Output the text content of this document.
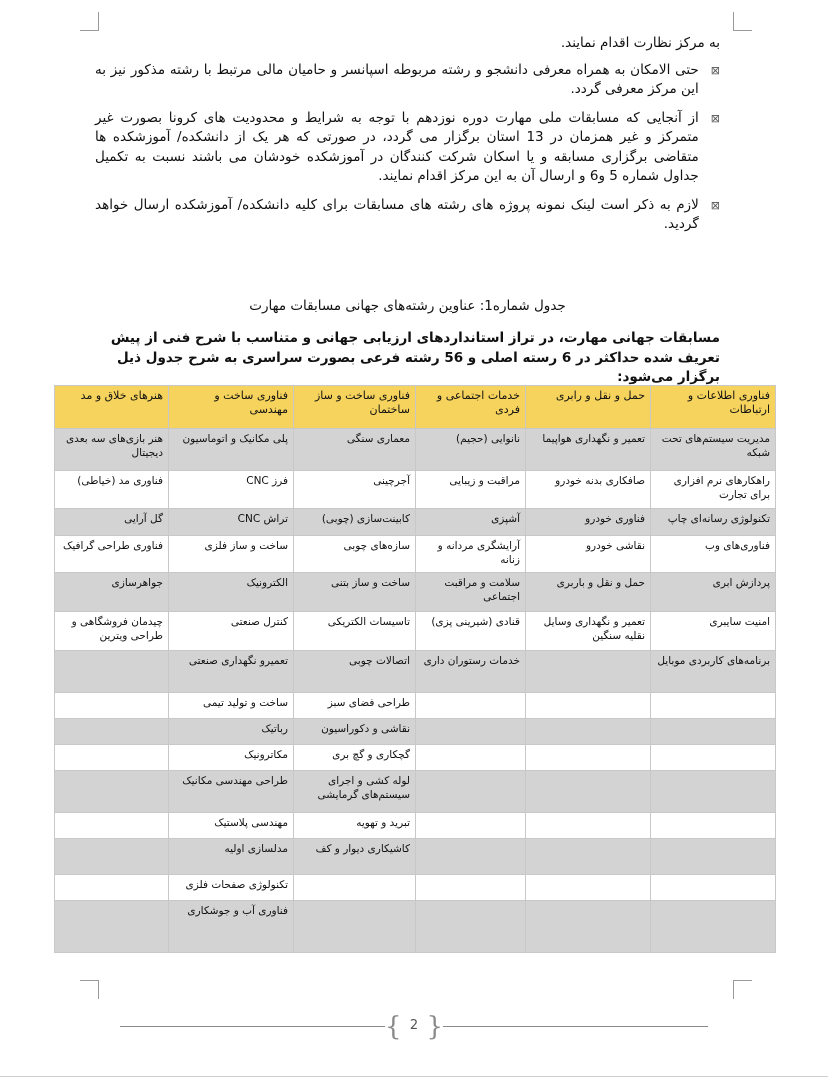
به مرکز نظارت اقدام نمایند.
⊠
حتی الامکان به همراه معرفی دانشجو و رشته مربوطه اسپانسر و حامیان مالی مرتبط با رشته مذکور نیز به این مرکز معرفی گردد.
⊠
از آنجایی که مسابقات ملی مهارت دوره نوزدهم با توجه به شرایط و محدودیت های کرونا بصورت غیر متمرکز و غیر همزمان در 13 استان برگزار می گردد، در صورتی که هر یک از دانشکده/ آموزشکده ها متقاضی برگزاری مسابقه و یا اسکان شرکت کنندگان در آموزشکده خودشان می باشند نسبت به تکمیل جداول شماره 5 و6 و ارسال آن به این مرکز اقدام نمایند.
⊠
لازم به ذکر است لینک نمونه پروژه های رشته های مسابقات برای کلیه دانشکده/ آموزشکده ارسال خواهد گردید.
جدول شماره1: عناوین رشته‌های جهانی مسابقات مهارت
مسابقات جهانی مهارت، در تراز استانداردهای ارزیابی جهانی و متناسب با شرح فنی از پیش تعریف شده حداکثر در 6 رسته اصلی و 56 رشته فرعی بصورت سراسری به شرح جدول ذیل برگزار می‌شود:
فناوری اطلاعات و ارتباطات	حمل و نقل و رابری	خدمات اجتماعی و فردی	فناوری ساخت و ساز ساختمان	فناوری ساخت و مهندسی	هنرهای خلاق و مد
مدیریت سیستم‌های تحت شبکه	تعمیر و نگهداری هواپیما	نانوایی (حجیم)	معماری سنگی	پلی مکانیک و اتوماسیون	هنر بازی‌های سه بعدی دیجیتال
راهکارهای نرم افزاری برای تجارت	صافکاری بدنه خودرو	مراقبت و زیبایی	آجرچینی	فرز CNC	فناوری مد (خیاطی)
تکنولوژی رسانه‌ای چاپ	فناوری خودرو	آشپزی	کابینت‌سازی (چوبی)	تراش CNC	گل آرایی
فناوری‌های وب	نقاشی خودرو	آرایشگری مردانه و زنانه	سازه‌های چوبی	ساخت و ساز فلزی	فناوری طراحی گرافیک
پردازش ابری	حمل و نقل و باربری	سلامت و مراقبت اجتماعی	ساخت و ساز بتنی	الکترونیک	جواهرسازی
امنیت سایبری	تعمیر و نگهداری وسایل نقلیه سنگین	قنادی (شیرینی پزی)	تاسیسات الکتریکی	کنترل صنعتی	چیدمان فروشگاهی و طراحی ویترین
برنامه‌های کاربردی موبایل		خدمات رستوران داری	اتصالات چوبی	تعمیرو نگهداری صنعتی	
			طراحی فضای سبز	ساخت و تولید تیمی	
			نقاشی و دکوراسیون	رباتیک	
			گچکاری و گچ بری	مکاترونیک	
			لوله کشی و اجرای سیستم‌های گرمایشی	طراحی مهندسی مکانیک	
			تبرید و تهویه	مهندسی پلاستیک	
			کاشیکاری دیوار و کف	مدلسازی اولیه	
				تکنولوژی صفحات فلزی	
				فناوری آب و جوشکاری	
{ 2 }
